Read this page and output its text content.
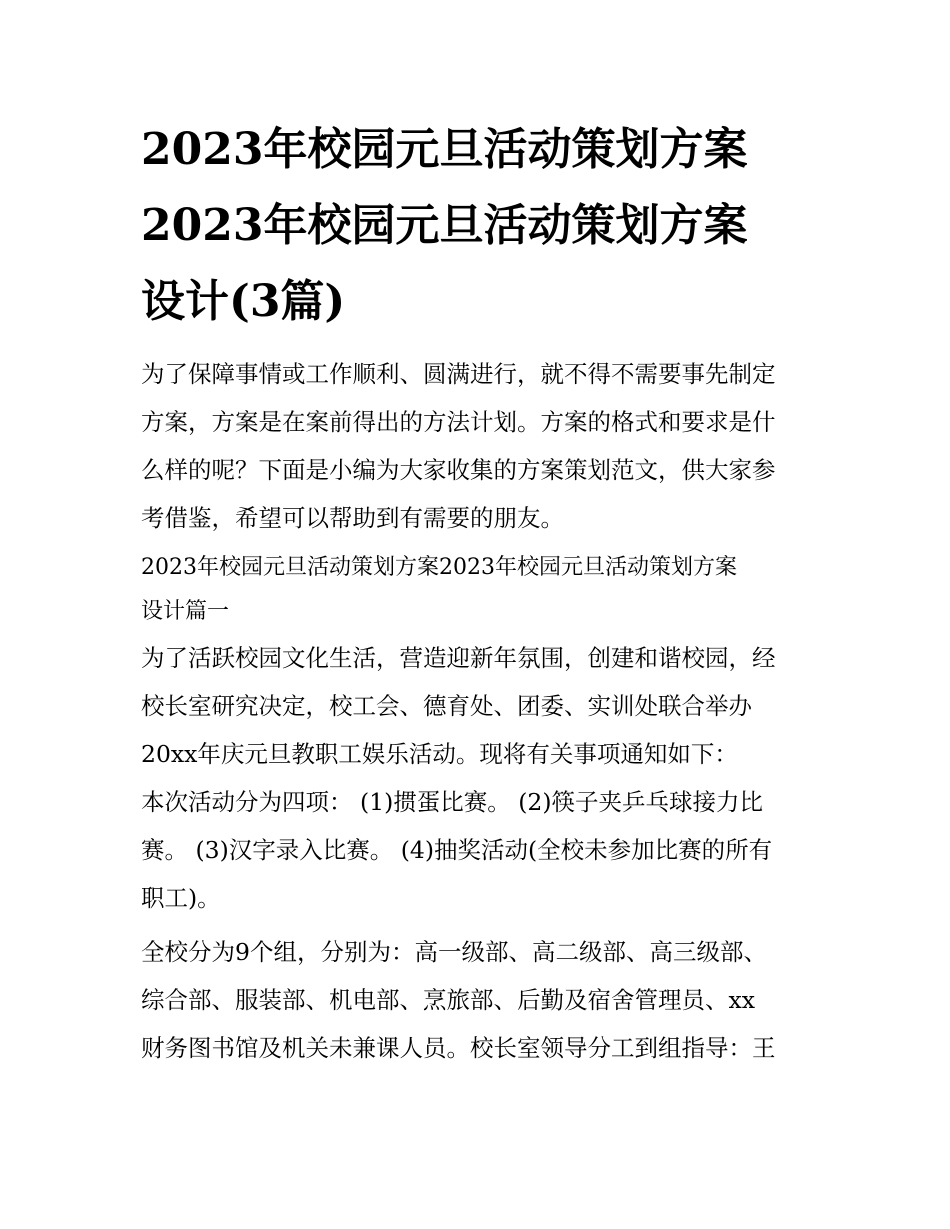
2023年校园元旦活动策划方案
2023年校园元旦活动策划方案
设计(3篇)

为了保障事情或工作顺利、圆满进行，就不得不需要事先制定

方案，方案是在案前得出的方法计划。方案的格式和要求是什

么样的呢？下面是小编为大家收集的方案策划范文，供大家参

考借鉴，希望可以帮助到有需要的朋友。

2023年校园元旦活动策划方案2023年校园元旦活动策划方案

设计篇一

为了活跃校园文化生活，营造迎新年氛围，创建和谐校园，经

校长室研究决定，校工会、德育处、团委、实训处联合举办

20xx年庆元旦教职工娱乐活动。现将有关事项通知如下：

本次活动分为四项： (1)掼蛋比赛。 (2)筷子夹乒乓球接力比

赛。 (3)汉字录入比赛。 (4)抽奖活动(全校未参加比赛的所有

职工)。

全校分为9个组，分别为：高一级部、高二级部、高三级部、

综合部、服装部、机电部、烹旅部、后勤及宿舍管理员、xx

财务图书馆及机关未兼课人员。校长室领导分工到组指导：王
